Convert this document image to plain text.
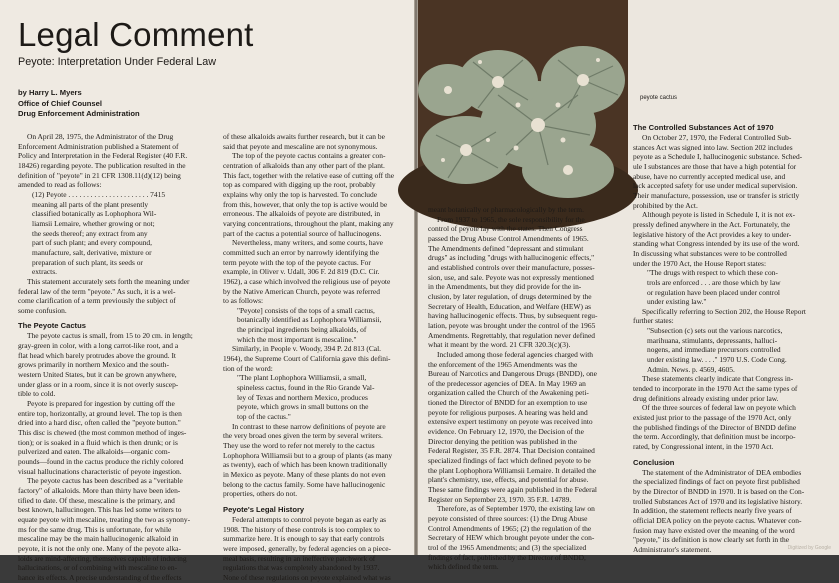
Legal Comment
Peyote: Interpretation Under Federal Law
by Harry L. Myers
Office of Chief Counsel
Drug Enforcement Administration

On April 28, 1975, the Administrator of the Drug
Enforcement Administration published a Statement of
Policy and Interpretation in the Federal Register (40 F.R.
18426) regarding peyote. The publication resulted in the
definition of "peyote" in 21 CFR 1308.11(d)(12) being
amended to read as follows:

(12) Peyote . . . . . . . . . . . . . . . . . . . . . . 7415
meaning all parts of the plant presently
classified botanically as Lophophora Wil-
liamsii Lemaire, whether growing or not;
the seeds thereof; any extract from any
part of such plant; and every compound,
manufacture, salt, derivative, mixture or
preparation of such plant, its seeds or
extracts.

This statement accurately sets forth the meaning under
federal law of the term "peyote." As such, it is a wel-
come clarification of a term previously the subject of
some confusion.

The Peyote Cactus

The peyote cactus is small, from 15 to 20 cm. in length;
gray-green in color, with a long carrot-like root, and a
flat head which barely protrudes above the ground. It
grows primarily in northern Mexico and the south-
western United States, but it can be grown anywhere,
under glass or in a room, since it is not overly suscep-
tible to cold.

Peyote is prepared for ingestion by cutting off the
entire top, horizontally, at ground level. The top is then
dried into a hard disc, often called the "peyote button."
This disc is chewed (the most common method of inges-
tion); or is soaked in a fluid which is then drunk; or is
pulverized and eaten. The alkaloids—organic com-
pounds—found in the cactus produce the richly colored
visual hallucinations characteristic of peyote ingestion.

The peyote cactus has been described as a "veritable
factory" of alkaloids. More than thirty have been iden-
tified to date. Of these, mescaline is the primary, and
best known, hallucinogen. This has led some writers to
equate peyote with mescaline, treating the two as synony-
ms for the same drug. This is unfortunate, for while
mescaline may be the main hallucinogenic alkaloid in
peyote, it is not the only one. Many of the peyote alka-
loids are mind-affecting, themselves capable of inducing
hallucinations, or of combining with mescaline to en-
hance its effects. A precise understanding of the effects

of these alkaloids awaits further research, but it can be
said that peyote and mescaline are not synonymous.

The top of the peyote cactus contains a greater con-
centration of alkaloids than any other part of the plant.
This fact, together with the relative ease of cutting off the
top as compared with digging up the root, probably
explains why only the top is harvested. To conclude
from this, however, that only the top is active would be
erroneous. The alkaloids of peyote are distributed, in
varying concentrations, throughout the plant, making any
part of the cactus a potential source of hallucinogens.

Nevertheless, many writers, and some courts, have
committed such an error by narrowly identifying the
term peyote with the top of the peyote cactus. For
example, in Oliver v. Udall, 306 F. 2d 819 (D.C. Cir.
1962), a case which involved the religious use of peyote
by the Native American Church, peyote was referred
to as follows:

"Peyote] consists of the tops of a small cactus,
botanically identified as Lophophora Williamsii,
the principal ingredients being alkaloids, of
which the most important is mescaline."

Similarly, in People v. Woody, 394 P. 2d 813 (Cal.
1964), the Supreme Court of California gave this defini-
tion of the word:

"The plant Lophophora Williamsii, a small,
spineless cactus, found in the Rio Grande Val-
ley of Texas and northern Mexico, produces
peyote, which grows in small buttons on the
top of the cactus."

In contrast to these narrow definitions of peyote are
the very broad ones given the term by several writers.
They use the word to refer not merely to the cactus
Lophophora Williamsii but to a group of plants (as many
as twenty), each of which has been known traditionally
in Mexico as peyote. Many of these plants do not even
belong to the cactus family. Some have hallucinogenic
properties, others do not.

Peyote's Legal History

Federal attempts to control peyote began as early as
1908. The history of these controls is too complex to
summarize here. It is enough to say that early controls
were imposed, generally, by federal agencies on a piece-
meal basis, resulting in an ineffective patchwork of
regulations that was completely abandoned by 1937.
None of these regulations on peyote explained what was

peyote cactus

meant botanically or pharmacologically by the term.

From 1937 to 1965, the sole responsibility for the
control of peyote lay with the states. Then Congress
passed the Drug Abuse Control Amendments of 1965.
The Amendments defined "depressant and stimulant
drugs" as including "drugs with hallucinogenic effects,"
and established controls over their manufacture, posses-
sion, use, and sale. Peyote was not expressly mentioned
in the Amendments, but they did provide for the in-
clusion, by later regulation, of drugs determined by the
Secretary of Health, Education, and Welfare (HEW) as
having hallucinogenic effects. Thus, by subsequent regu-
lation, peyote was brought under the control of the 1965
Amendments. Regrettably, that regulation never defined
what it meant by the word. 21 CFR 320.3(c)(3).

Included among those federal agencies charged with
the enforcement of the 1965 Amendments was the
Bureau of Narcotics and Dangerous Drugs (BNDD), one
of the predecessor agencies of DEA. In May 1969 an
organization called the Church of the Awakening peti-
tioned the Director of BNDD for an exemption to use
peyote for religious purposes. A hearing was held and
extensive expert testimony on peyote was received into
evidence. On February 12, 1970, the Decision of the
Director denying the petition was published in the
Federal Register, 35 F.R. 2874. That Decision contained
specialized findings of fact which defined peyote to be
the plant Lophophora Williamsii Lemaire. It detailed the
plant's chemistry, use, effects, and potential for abuse.
These same findings were again published in the Federal
Register on September 23, 1970. 35 F.R. 14789.

Therefore, as of September 1970, the existing law on
peyote consisted of three sources: (1) the Drug Abuse
Control Amendments of 1965; (2) the regulation of the
Secretary of HEW which brought peyote under the con-
trol of the 1965 Amendments; and (3) the specialized
findings of fact, published by the Director of BNDD,
which defined the term.

The Controlled Substances Act of 1970

On October 27, 1970, the Federal Controlled Sub-
stances Act was signed into law. Section 202 includes
peyote as a Schedule I, hallucinogenic substance. Sched-
ule I substances are those that have a high potential for
abuse, have no currently accepted medical use, and
lack accepted safety for use under medical supervision.
Their manufacture, possession, use or transfer is strictly
prohibited by the Act.

Although peyote is listed in Schedule I, it is not ex-
pressly defined anywhere in the Act. Fortunately, the
legislative history of the Act provides a key to under-
standing what Congress intended by its use of the word.
In discussing what substances were to be controlled
under the 1970 Act, the House Report states:

"The drugs with respect to which these con-
trols are enforced . . . are those which by law
or regulation have been placed under control
under existing law."

Specifically referring to Section 202, the House Report
further states:

"Subsection (c) sets out the various narcotics,
marihuana, stimulants, depressants, halluci-
nogens, and immediate precursors controlled
under existing law. . . ." 1970 U.S. Code Cong.
Admin. News. p. 4569, 4605.

These statements clearly indicate that Congress in-
tended to incorporate in the 1970 Act the same types of
drug definitions already existing under prior law.

Of the three sources of federal law on peyote which
existed just prior to the passage of the 1970 Act, only
the published findings of the Director of BNDD define
the term. Accordingly, that definition must be incorpo-
rated, by Congressional intent, in the 1970 Act.

Conclusion

The statement of the Administrator of DEA embodies
the specialized findings of fact on peyote first published
by the Director of BNDD in 1970. It is based on the Con-
trolled Substances Act of 1970 and its legislative history.
In addition, the statement reflects nearly five years of
official DEA policy on the peyote cactus. Whatever con-
fusion may have existed over the meaning of the word
"peyote," its definition is now clearly set forth in the
Administrator's statement.	Digitized by Google
